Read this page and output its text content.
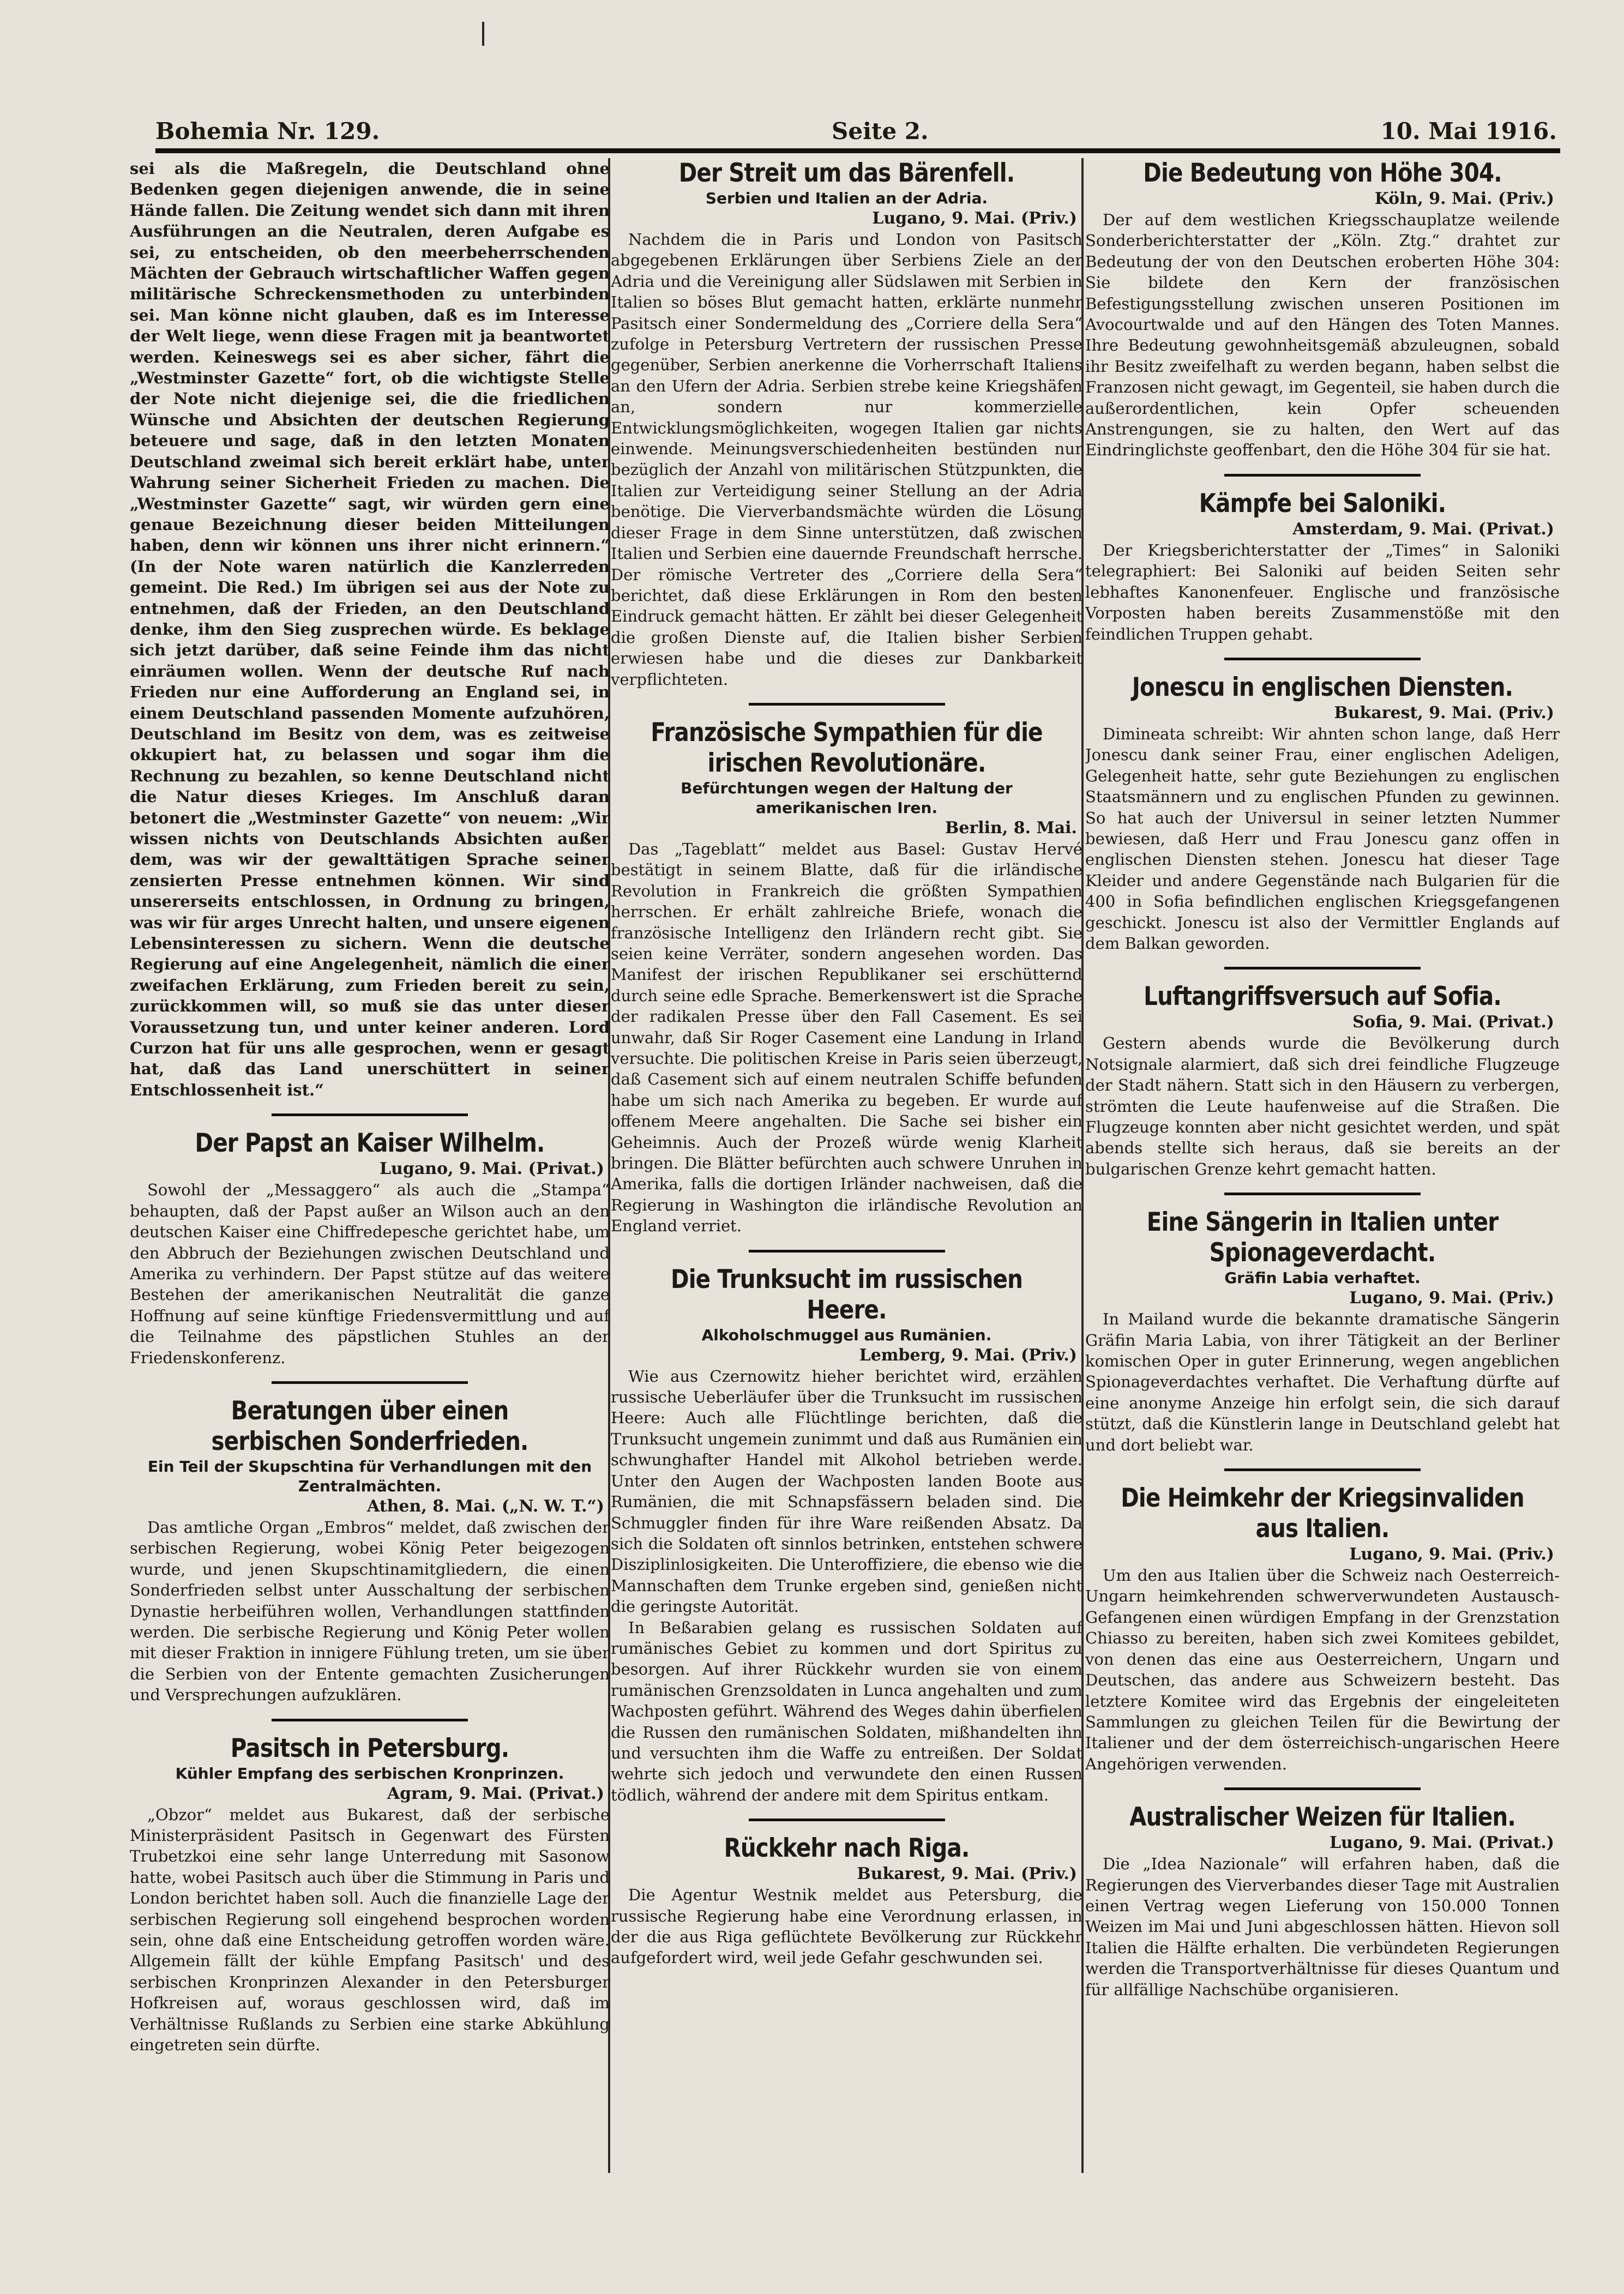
Bohemia Nr. 129.	Seite 2.	10. Mai 1916.

sei als die Maßregeln, die Deutschland ohne Bedenken gegen diejenigen anwende, die in seine Hände fallen. Die Zeitung wendet sich dann mit ihren Ausführungen an die Neutralen, deren Aufgabe es sei, zu entscheiden, ob den meerbeherrschenden Mächten der Gebrauch wirtschaftlicher Waffen gegen militärische Schreckensmethoden zu unterbinden sei. Man könne nicht glauben, daß es im Interesse der Welt liege, wenn diese Fragen mit ja beantwortet werden. Keineswegs sei es aber sicher, fährt die „Westminster Gazette“ fort, ob die wichtigste Stelle der Note nicht diejenige sei, die die friedlichen Wünsche und Absichten der deutschen Regierung beteuere und sage, daß in den letzten Monaten Deutschland zweimal sich bereit erklärt habe, unter Wahrung seiner Sicherheit Frieden zu machen. Die „Westminster Gazette“ sagt, wir würden gern eine genaue Bezeichnung dieser beiden Mitteilungen haben, denn wir können uns ihrer nicht erinnern.“ (In der Note waren natürlich die Kanzlerreden gemeint. Die Red.) Im übrigen sei aus der Note zu entnehmen, daß der Frieden, an den Deutschland denke, ihm den Sieg zusprechen würde. Es beklage sich jetzt darüber, daß seine Feinde ihm das nicht einräumen wollen. Wenn der deutsche Ruf nach Frieden nur eine Aufforderung an England sei, in einem Deutschland passenden Momente aufzuhören, Deutschland im Besitz von dem, was es zeitweise okkupiert hat, zu belassen und sogar ihm die Rechnung zu bezahlen, so kenne Deutschland nicht die Natur dieses Krieges. Im Anschluß daran betonert die „Westminster Gazette“ von neuem: „Wir wissen nichts von Deutschlands Absichten außer dem, was wir der gewalttätigen Sprache seiner zensierten Presse entnehmen können. Wir sind unsererseits entschlossen, in Ordnung zu bringen, was wir für arges Unrecht halten, und unsere eigenen Lebensinteressen zu sichern. Wenn die deutsche Regierung auf eine Angelegenheit, nämlich die einer zweifachen Erklärung, zum Frieden bereit zu sein, zurückkommen will, so muß sie das unter dieser Voraussetzung tun, und unter keiner anderen. Lord Curzon hat für uns alle gesprochen, wenn er gesagt hat, daß das Land unerschüttert in seiner Entschlossenheit ist.“

Der Papst an Kaiser Wilhelm.
Lugano, 9. Mai. (Privat.)

Sowohl der „Messaggero“ als auch die „Stampa“ behaupten, daß der Papst außer an Wilson auch an den deutschen Kaiser eine Chiffredepesche gerichtet habe, um den Abbruch der Beziehungen zwischen Deutschland und Amerika zu verhindern. Der Papst stütze auf das weitere Bestehen der amerikanischen Neutralität die ganze Hoffnung auf seine künftige Friedensvermittlung und auf die Teilnahme des päpstlichen Stuhles an der Friedenskonferenz.

Beratungen über einen serbischen Sonderfrieden.
Ein Teil der Skupschtina für Verhandlungen mit den Zentralmächten.
Athen, 8. Mai. („N. W. T.“)

Das amtliche Organ „Embros“ meldet, daß zwischen der serbischen Regierung, wobei König Peter beigezogen wurde, und jenen Skupschtinamitgliedern, die einen Sonderfrieden selbst unter Ausschaltung der serbischen Dynastie herbeiführen wollen, Verhandlungen stattfinden werden. Die serbische Regierung und König Peter wollen mit dieser Fraktion in innigere Fühlung treten, um sie über die Serbien von der Entente gemachten Zusicherungen und Versprechungen aufzuklären.

Pasitsch in Petersburg.
Kühler Empfang des serbischen Kronprinzen.
Agram, 9. Mai. (Privat.)

„Obzor“ meldet aus Bukarest, daß der serbische Ministerpräsident Pasitsch in Gegenwart des Fürsten Trubetzkoi eine sehr lange Unterredung mit Sasonow hatte, wobei Pasitsch auch über die Stimmung in Paris und London berichtet haben soll. Auch die finanzielle Lage der serbischen Regierung soll eingehend besprochen worden sein, ohne daß eine Entscheidung getroffen worden wäre. Allgemein fällt der kühle Empfang Pasitsch' und des serbischen Kronprinzen Alexander in den Petersburger Hofkreisen auf, woraus geschlossen wird, daß im Verhältnisse Rußlands zu Serbien eine starke Abkühlung eingetreten sein dürfte.

Der Streit um das Bärenfell.
Serbien und Italien an der Adria.
Lugano, 9. Mai. (Priv.)

Nachdem die in Paris und London von Pasitsch abgegebenen Erklärungen über Serbiens Ziele an der Adria und die Vereinigung aller Südslawen mit Serbien in Italien so böses Blut gemacht hatten, erklärte nunmehr Pasitsch einer Sondermeldung des „Corriere della Sera“ zufolge in Petersburg Vertretern der russischen Presse gegenüber, Serbien anerkenne die Vorherrschaft Italiens an den Ufern der Adria. Serbien strebe keine Kriegshäfen an, sondern nur kommerzielle Entwicklungsmöglichkeiten, wogegen Italien gar nichts einwende. Meinungsverschiedenheiten bestünden nur bezüglich der Anzahl von militärischen Stützpunkten, die Italien zur Verteidigung seiner Stellung an der Adria benötige. Die Vierverbandsmächte würden die Lösung dieser Frage in dem Sinne unterstützen, daß zwischen Italien und Serbien eine dauernde Freundschaft herrsche. Der römische Vertreter des „Corriere della Sera“ berichtet, daß diese Erklärungen in Rom den besten Eindruck gemacht hätten. Er zählt bei dieser Gelegenheit die großen Dienste auf, die Italien bisher Serbien erwiesen habe und die dieses zur Dankbarkeit verpflichteten.

Französische Sympathien für die irischen Revolutionäre.
Befürchtungen wegen der Haltung der amerikanischen Iren.
Berlin, 8. Mai.

Das „Tageblatt“ meldet aus Basel: Gustav Hervé bestätigt in seinem Blatte, daß für die irländische Revolution in Frankreich die größten Sympathien herrschen. Er erhält zahlreiche Briefe, wonach die französische Intelligenz den Irländern recht gibt. Sie seien keine Verräter, sondern angesehen worden. Das Manifest der irischen Republikaner sei erschütternd durch seine edle Sprache. Bemerkenswert ist die Sprache der radikalen Presse über den Fall Casement. Es sei unwahr, daß Sir Roger Casement eine Landung in Irland versuchte. Die politischen Kreise in Paris seien überzeugt, daß Casement sich auf einem neutralen Schiffe befunden habe um sich nach Amerika zu begeben. Er wurde auf offenem Meere angehalten. Die Sache sei bisher ein Geheimnis. Auch der Prozeß würde wenig Klarheit bringen. Die Blätter befürchten auch schwere Unruhen in Amerika, falls die dortigen Irländer nachweisen, daß die Regierung in Washington die irländische Revolution an England verriet.

Die Trunksucht im russischen Heere.
Alkoholschmuggel aus Rumänien.
Lemberg, 9. Mai. (Priv.)

Wie aus Czernowitz hieher berichtet wird, erzählen russische Ueberläufer über die Trunksucht im russischen Heere: Auch alle Flüchtlinge berichten, daß die Trunksucht ungemein zunimmt und daß aus Rumänien ein schwunghafter Handel mit Alkohol betrieben werde. Unter den Augen der Wachposten landen Boote aus Rumänien, die mit Schnapsfässern beladen sind. Die Schmuggler finden für ihre Ware reißenden Absatz. Da sich die Soldaten oft sinnlos betrinken, entstehen schwere Disziplinlosigkeiten. Die Unteroffiziere, die ebenso wie die Mannschaften dem Trunke ergeben sind, genießen nicht die geringste Autorität.

In Beßarabien gelang es russischen Soldaten auf rumänisches Gebiet zu kommen und dort Spiritus zu besorgen. Auf ihrer Rückkehr wurden sie von einem rumänischen Grenzsoldaten in Lunca angehalten und zum Wachposten geführt. Während des Weges dahin überfielen die Russen den rumänischen Soldaten, mißhandelten ihn und versuchten ihm die Waffe zu entreißen. Der Soldat wehrte sich jedoch und verwundete den einen Russen tödlich, während der andere mit dem Spiritus entkam.

Rückkehr nach Riga.
Bukarest, 9. Mai. (Priv.)

Die Agentur Westnik meldet aus Petersburg, die russische Regierung habe eine Verordnung erlassen, in der die aus Riga geflüchtete Bevölkerung zur Rückkehr aufgefordert wird, weil jede Gefahr geschwunden sei.

Die Bedeutung von Höhe 304.
Köln, 9. Mai. (Priv.)

Der auf dem westlichen Kriegsschauplatze weilende Sonderberichterstatter der „Köln. Ztg.“ drahtet zur Bedeutung der von den Deutschen eroberten Höhe 304: Sie bildete den Kern der französischen Befestigungsstellung zwischen unseren Positionen im Avocourtwalde und auf den Hängen des Toten Mannes. Ihre Bedeutung gewohnheitsgemäß abzuleugnen, sobald ihr Besitz zweifelhaft zu werden begann, haben selbst die Franzosen nicht gewagt, im Gegenteil, sie haben durch die außerordentlichen, kein Opfer scheuenden Anstrengungen, sie zu halten, den Wert auf das Eindringlichste geoffenbart, den die Höhe 304 für sie hat.

Kämpfe bei Saloniki.
Amsterdam, 9. Mai. (Privat.)

Der Kriegsberichterstatter der „Times“ in Saloniki telegraphiert: Bei Saloniki auf beiden Seiten sehr lebhaftes Kanonenfeuer. Englische und französische Vorposten haben bereits Zusammenstöße mit den feindlichen Truppen gehabt.

Jonescu in englischen Diensten.
Bukarest, 9. Mai. (Priv.)

Dimineata schreibt: Wir ahnten schon lange, daß Herr Jonescu dank seiner Frau, einer englischen Adeligen, Gelegenheit hatte, sehr gute Beziehungen zu englischen Staatsmännern und zu englischen Pfunden zu gewinnen. So hat auch der Universul in seiner letzten Nummer bewiesen, daß Herr und Frau Jonescu ganz offen in englischen Diensten stehen. Jonescu hat dieser Tage Kleider und andere Gegenstände nach Bulgarien für die 400 in Sofia befindlichen englischen Kriegsgefangenen geschickt. Jonescu ist also der Vermittler Englands auf dem Balkan geworden.

Luftangriffsversuch auf Sofia.
Sofia, 9. Mai. (Privat.)

Gestern abends wurde die Bevölkerung durch Notsignale alarmiert, daß sich drei feindliche Flugzeuge der Stadt nähern. Statt sich in den Häusern zu verbergen, strömten die Leute haufenweise auf die Straßen. Die Flugzeuge konnten aber nicht gesichtet werden, und spät abends stellte sich heraus, daß sie bereits an der bulgarischen Grenze kehrt gemacht hatten.

Eine Sängerin in Italien unter Spionageverdacht.
Gräfin Labia verhaftet.
Lugano, 9. Mai. (Priv.)

In Mailand wurde die bekannte dramatische Sängerin Gräfin Maria Labia, von ihrer Tätigkeit an der Berliner komischen Oper in guter Erinnerung, wegen angeblichen Spionageverdachtes verhaftet. Die Verhaftung dürfte auf eine anonyme Anzeige hin erfolgt sein, die sich darauf stützt, daß die Künstlerin lange in Deutschland gelebt hat und dort beliebt war.

Die Heimkehr der Kriegsinvaliden aus Italien.
Lugano, 9. Mai. (Priv.)

Um den aus Italien über die Schweiz nach Oesterreich-Ungarn heimkehrenden schwerverwundeten Austausch-Gefangenen einen würdigen Empfang in der Grenzstation Chiasso zu bereiten, haben sich zwei Komitees gebildet, von denen das eine aus Oesterreichern, Ungarn und Deutschen, das andere aus Schweizern besteht. Das letztere Komitee wird das Ergebnis der eingeleiteten Sammlungen zu gleichen Teilen für die Bewirtung der Italiener und der dem österreichisch-ungarischen Heere Angehörigen verwenden.

Australischer Weizen für Italien.
Lugano, 9. Mai. (Privat.)

Die „Idea Nazionale“ will erfahren haben, daß die Regierungen des Vierverbandes dieser Tage mit Australien einen Vertrag wegen Lieferung von 150.000 Tonnen Weizen im Mai und Juni abgeschlossen hätten. Hievon soll Italien die Hälfte erhalten. Die verbündeten Regierungen werden die Transportverhältnisse für dieses Quantum und für allfällige Nachschübe organisieren.
